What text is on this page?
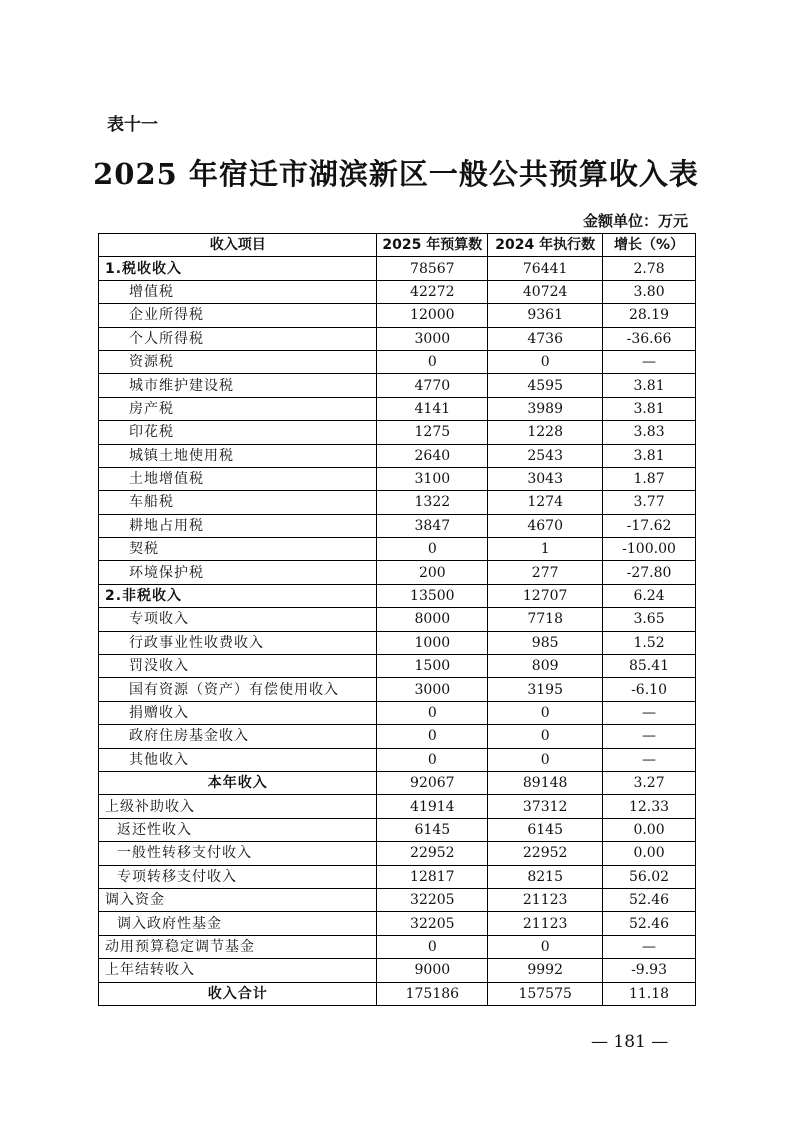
表十一
2025 年宿迁市湖滨新区一般公共预算收入表
金额单位：万元
收入项目	2025 年预算数	2024 年执行数	增长（%）
1.税收收入	78567	76441	2.78
增值税	42272	40724	3.80
企业所得税	12000	9361	28.19
个人所得税	3000	4736	-36.66
资源税	0	0	—
城市维护建设税	4770	4595	3.81
房产税	4141	3989	3.81
印花税	1275	1228	3.83
城镇土地使用税	2640	2543	3.81
土地增值税	3100	3043	1.87
车船税	1322	1274	3.77
耕地占用税	3847	4670	-17.62
契税	0	1	-100.00
环境保护税	200	277	-27.80
2.非税收入	13500	12707	6.24
专项收入	8000	7718	3.65
行政事业性收费收入	1000	985	1.52
罚没收入	1500	809	85.41
国有资源（资产）有偿使用收入	3000	3195	-6.10
捐赠收入	0	0	—
政府住房基金收入	0	0	—
其他收入	0	0	—
本年收入	92067	89148	3.27
上级补助收入	41914	37312	12.33
返还性收入	6145	6145	0.00
一般性转移支付收入	22952	22952	0.00
专项转移支付收入	12817	8215	56.02
调入资金	32205	21123	52.46
调入政府性基金	32205	21123	52.46
动用预算稳定调节基金	0	0	—
上年结转收入	9000	9992	-9.93
收入合计	175186	157575	11.18
— 181 —
